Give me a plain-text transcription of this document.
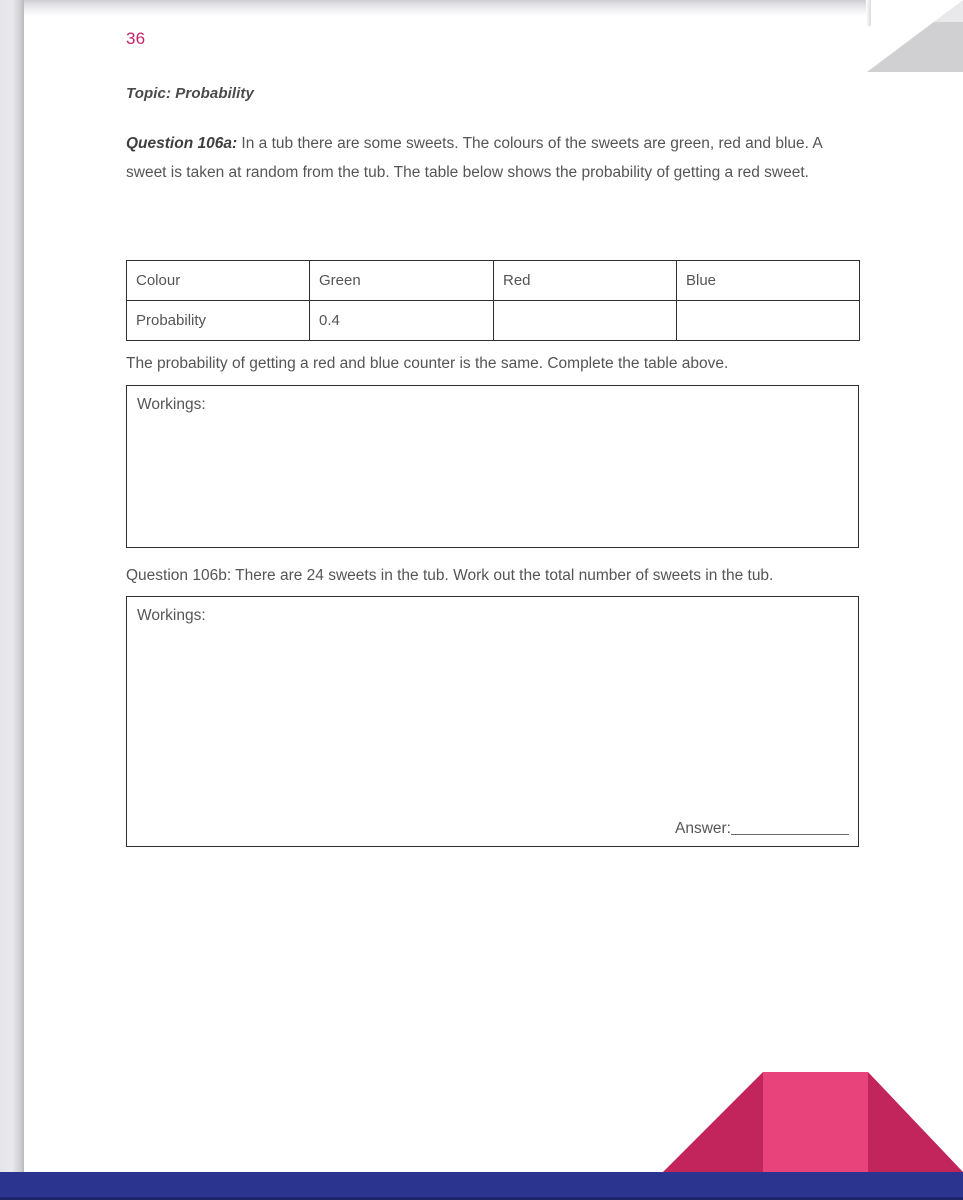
36
Topic: Probability
Question 106a: In a tub there are some sweets. The colours of the sweets are green, red and blue. A sweet is taken at random from the tub. The table below shows the probability of getting a red sweet.
Colour	Green	Red	Blue
Probability	0.4		
The probability of getting a red and blue counter is the same. Complete the table above.
Workings:
Question 106b: There are 24 sweets in the tub. Work out the total number of sweets in the tub.
Workings:
Answer:
